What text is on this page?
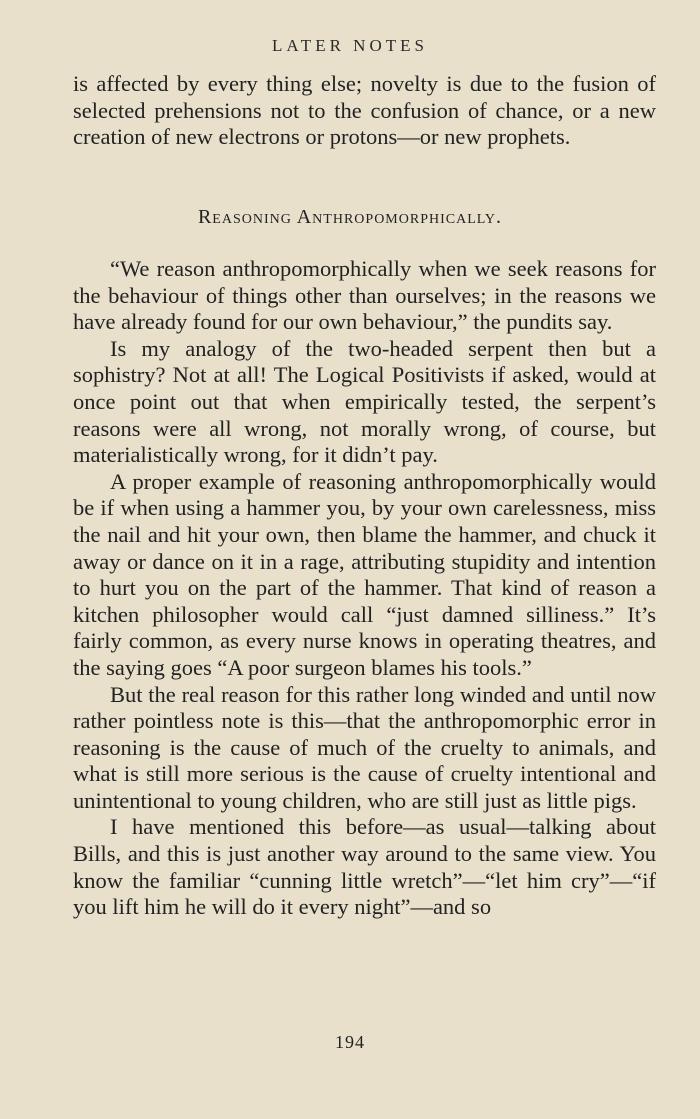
LATER NOTES

is affected by every thing else; novelty is due to the fusion of selected prehensions not to the confusion of chance, or a new creation of new electrons or protons—or new prophets.

Reasoning Anthropomorphically.

“We reason anthropomorphically when we seek reasons for the behaviour of things other than ourselves; in the reasons we have already found for our own behaviour,” the pundits say.

Is my analogy of the two-headed serpent then but a sophistry? Not at all! The Logical Positivists if asked, would at once point out that when empirically tested, the serpent’s reasons were all wrong, not morally wrong, of course, but materialistically wrong, for it didn’t pay.

A proper example of reasoning anthropomorphically would be if when using a hammer you, by your own carelessness, miss the nail and hit your own, then blame the hammer, and chuck it away or dance on it in a rage, attributing stupidity and intention to hurt you on the part of the hammer. That kind of reason a kitchen philosopher would call “just damned silliness.” It’s fairly common, as every nurse knows in operating theatres, and the saying goes “A poor surgeon blames his tools.”

But the real reason for this rather long winded and until now rather pointless note is this—that the anthropomorphic error in reasoning is the cause of much of the cruelty to animals, and what is still more serious is the cause of cruelty intentional and unintentional to young children, who are still just as little pigs.

I have mentioned this before—as usual—talking about Bills, and this is just another way around to the same view. You know the familiar “cunning little wretch”—“let him cry”—“if you lift him he will do it every night”—and so

194
